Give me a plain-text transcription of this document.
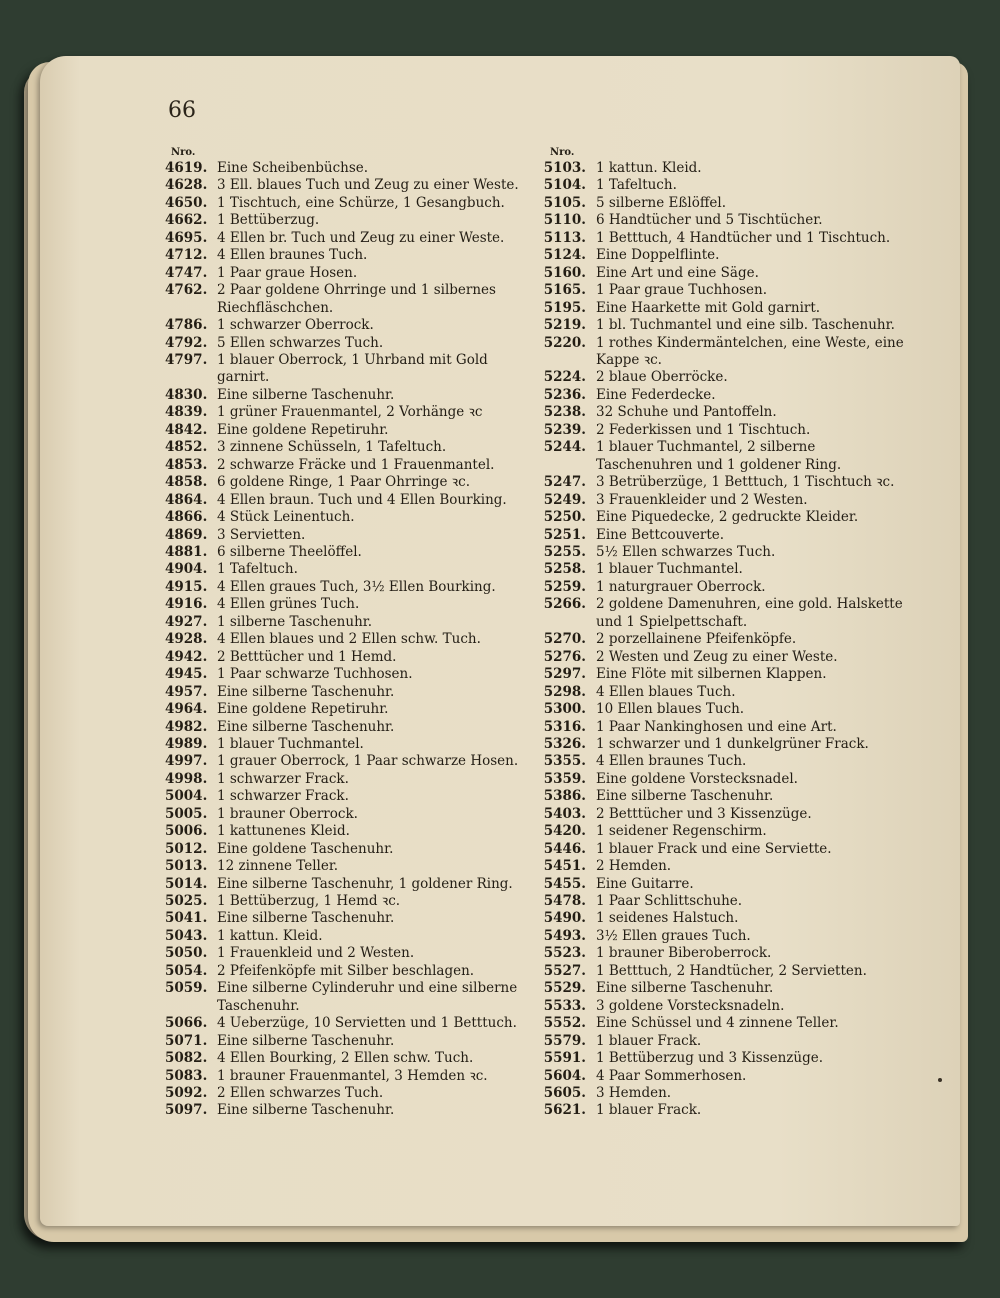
66
Nro.
4619. Eine Scheibenbüchse.
4628. 3 Ell. blaues Tuch und Zeug zu einer Weste.
4650. 1 Tischtuch, eine Schürze, 1 Gesangbuch.
4662. 1 Bettüberzug.
4695. 4 Ellen br. Tuch und Zeug zu einer Weste.
4712. 4 Ellen braunes Tuch.
4747. 1 Paar graue Hosen.
4762. 2 Paar goldene Ohrringe und 1 silbernes Riechfläschchen.
4786. 1 schwarzer Oberrock.
4792. 5 Ellen schwarzes Tuch.
4797. 1 blauer Oberrock, 1 Uhrband mit Gold garnirt.
4830. Eine silberne Taschenuhr.
4839. 1 grüner Frauenmantel, 2 Vorhänge ꝛc
4842. Eine goldene Repetiruhr.
4852. 3 zinnene Schüsseln, 1 Tafeltuch.
4853. 2 schwarze Fräcke und 1 Frauenmantel.
4858. 6 goldene Ringe, 1 Paar Ohrringe ꝛc.
4864. 4 Ellen braun. Tuch und 4 Ellen Bourking.
4866. 4 Stück Leinentuch.
4869. 3 Servietten.
4881. 6 silberne Theelöffel.
4904. 1 Tafeltuch.
4915. 4 Ellen graues Tuch, 3½ Ellen Bourking.
4916. 4 Ellen grünes Tuch.
4927. 1 silberne Taschenuhr.
4928. 4 Ellen blaues und 2 Ellen schw. Tuch.
4942. 2 Betttücher und 1 Hemd.
4945. 1 Paar schwarze Tuchhosen.
4957. Eine silberne Taschenuhr.
4964. Eine goldene Repetiruhr.
4982. Eine silberne Taschenuhr.
4989. 1 blauer Tuchmantel.
4997. 1 grauer Oberrock, 1 Paar schwarze Hosen.
4998. 1 schwarzer Frack.
5004. 1 schwarzer Frack.
5005. 1 brauner Oberrock.
5006. 1 kattunenes Kleid.
5012. Eine goldene Taschenuhr.
5013. 12 zinnene Teller.
5014. Eine silberne Taschenuhr, 1 goldener Ring.
5025. 1 Bettüberzug, 1 Hemd ꝛc.
5041. Eine silberne Taschenuhr.
5043. 1 kattun. Kleid.
5050. 1 Frauenkleid und 2 Westen.
5054. 2 Pfeifenköpfe mit Silber beschlagen.
5059. Eine silberne Cylinderuhr und eine silberne Taschenuhr.
5066. 4 Ueberzüge, 10 Servietten und 1 Betttuch.
5071. Eine silberne Taschenuhr.
5082. 4 Ellen Bourking, 2 Ellen schw. Tuch.
5083. 1 brauner Frauenmantel, 3 Hemden ꝛc.
5092. 2 Ellen schwarzes Tuch.
5097. Eine silberne Taschenuhr.
Nro.
5103. 1 kattun. Kleid.
5104. 1 Tafeltuch.
5105. 5 silberne Eßlöffel.
5110. 6 Handtücher und 5 Tischtücher.
5113. 1 Betttuch, 4 Handtücher und 1 Tischtuch.
5124. Eine Doppelflinte.
5160. Eine Art und eine Säge.
5165. 1 Paar graue Tuchhosen.
5195. Eine Haarkette mit Gold garnirt.
5219. 1 bl. Tuchmantel und eine silb. Taschenuhr.
5220. 1 rothes Kindermäntelchen, eine Weste, eine Kappe ꝛc.
5224. 2 blaue Oberröcke.
5236. Eine Federdecke.
5238. 32 Schuhe und Pantoffeln.
5239. 2 Federkissen und 1 Tischtuch.
5244. 1 blauer Tuchmantel, 2 silberne Taschenuhren und 1 goldener Ring.
5247. 3 Betrüberzüge, 1 Betttuch, 1 Tischtuch ꝛc.
5249. 3 Frauenkleider und 2 Westen.
5250. Eine Piquedecke, 2 gedruckte Kleider.
5251. Eine Bettcouverte.
5255. 5½ Ellen schwarzes Tuch.
5258. 1 blauer Tuchmantel.
5259. 1 naturgrauer Oberrock.
5266. 2 goldene Damenuhren, eine gold. Halskette und 1 Spielpettschaft.
5270. 2 porzellainene Pfeifenköpfe.
5276. 2 Westen und Zeug zu einer Weste.
5297. Eine Flöte mit silbernen Klappen.
5298. 4 Ellen blaues Tuch.
5300. 10 Ellen blaues Tuch.
5316. 1 Paar Nankinghosen und eine Art.
5326. 1 schwarzer und 1 dunkelgrüner Frack.
5355. 4 Ellen braunes Tuch.
5359. Eine goldene Vorstecksnadel.
5386. Eine silberne Taschenuhr.
5403. 2 Betttücher und 3 Kissenzüge.
5420. 1 seidener Regenschirm.
5446. 1 blauer Frack und eine Serviette.
5451. 2 Hemden.
5455. Eine Guitarre.
5478. 1 Paar Schlittschuhe.
5490. 1 seidenes Halstuch.
5493. 3½ Ellen graues Tuch.
5523. 1 brauner Biberoberrock.
5527. 1 Betttuch, 2 Handtücher, 2 Servietten.
5529. Eine silberne Taschenuhr.
5533. 3 goldene Vorstecksnadeln.
5552. Eine Schüssel und 4 zinnene Teller.
5579. 1 blauer Frack.
5591. 1 Bettüberzug und 3 Kissenzüge.
5604. 4 Paar Sommerhosen.
5605. 3 Hemden.
5621. 1 blauer Frack.
